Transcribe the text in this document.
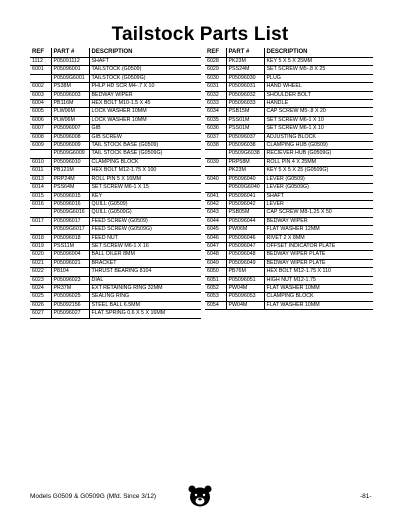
Tailstock Parts List
REF	PART #	DESCRIPTION
1112	P05091112	SHAFT
6001	P05096001	TAILSTOCK (G0509)
	P0509G6001	TAILSTOCK (G0509G)
6002	PS38M	PHLP HD SCR M4-.7 X 10
6003	P05096003	BEDWAY WIPER
6004	PB116M	HEX BOLT M10-1.5 X 45
6005	PLW06M	LOCK WASHER 10MM
6006	PLW06M	LOCK WASHER 10MM
6007	P05096007	GIB
6008	P05096008	GIB SCREW
6009	P05096009	TAIL STOCK BASE (G0509)
	P0509G6009	TAIL STOCK BASE (G0509G)
6010	P05096010	CLAMPING BLOCK
6011	PB121M	HEX BOLT M12-1.75 X 100
6013	PRP24M	ROLL PIN 5 X 16MM
6014	PSS64M	SET SCREW M6-1 X 15
6015	P05096015	KEY
6016	P05096016	QUILL (G0509)
	P0509G6016	QUILL (G0509G)
6017	P05096017	FEED SCREW (G0509)
	P0509G6017	FEED SCREW (G0509G)
6018	P05096018	FEED NUT
6019	PSS11M	SET SCREW M6-1 X 16
6020	P05096004	BALL OILER 8MM
6021	P05096021	BRACKET
6022	P8104	THRUST BEARING 8104
6023	P05096023	DIAL
6024	PR37M	EXT RETAINING RING 32MM
6025	P05096025	SEALING RING
6026	P05092156	STEEL BALL 6.5MM
6027	P05096027	FLAT SPRING 0.6 X 5 X 16MM
REF	PART #	DESCRIPTION
6028	PK23M	KEY 5 X 5 X 25MM
6029	PSS24M	SET SCREW M5-.8 X 25
6030	P05096030	PLUG
6031	P05096031	HAND WHEEL
6032	P05096032	SHOULDER BOLT
6033	P05096033	HANDLE
6034	PSB15M	CAP SCREW M5-.8 X 20
6035	PSS01M	SET SCREW M6-1 X 10
6036	PSS01M	SET SCREW M6-1 X 10
6037	P05096037	ADJUSTING BLOCK
6038	P05096038	CLAMPING HUB (G0509)
	P0509G6038	RECIEVER HUB (G0509G)
6039	PRP58M	ROLL PIN 4 X 25MM
	PK23M	KEY 5 X 5 X 25 (G0509G)
6040	P05096040	LEVER (G0509)
	P0509G6040	LEVER (G0509G)
6041	P05096041	SHAFT
6042	P05096042	LEVER
6043	PSB05M	CAP SCREW M8-1.25 X 50
6044	P05096044	BEDWAY WIPER
6045	PW06M	FLAT WASHER 12MM
6046	P05096046	RIVET 2 X 8MM
6047	P05096047	OFFSET INDICATOR PLATE
6048	P05096048	BEDWAY WIPER PLATE
6049	P05096049	BEDWAY WIPER PLATE
6050	PB76M	HEX BOLT M12-1.75 X 110
6051	P05096051	HIGH NUT M12-1.75
6052	PW04M	FLAT WASHER 10MM
6053	P05096053	CLAMPING BLOCK
6054	PW04M	FLAT WASHER 10MM
Models G0509 & G0509G (Mfd. Since 3/12)	-81-
